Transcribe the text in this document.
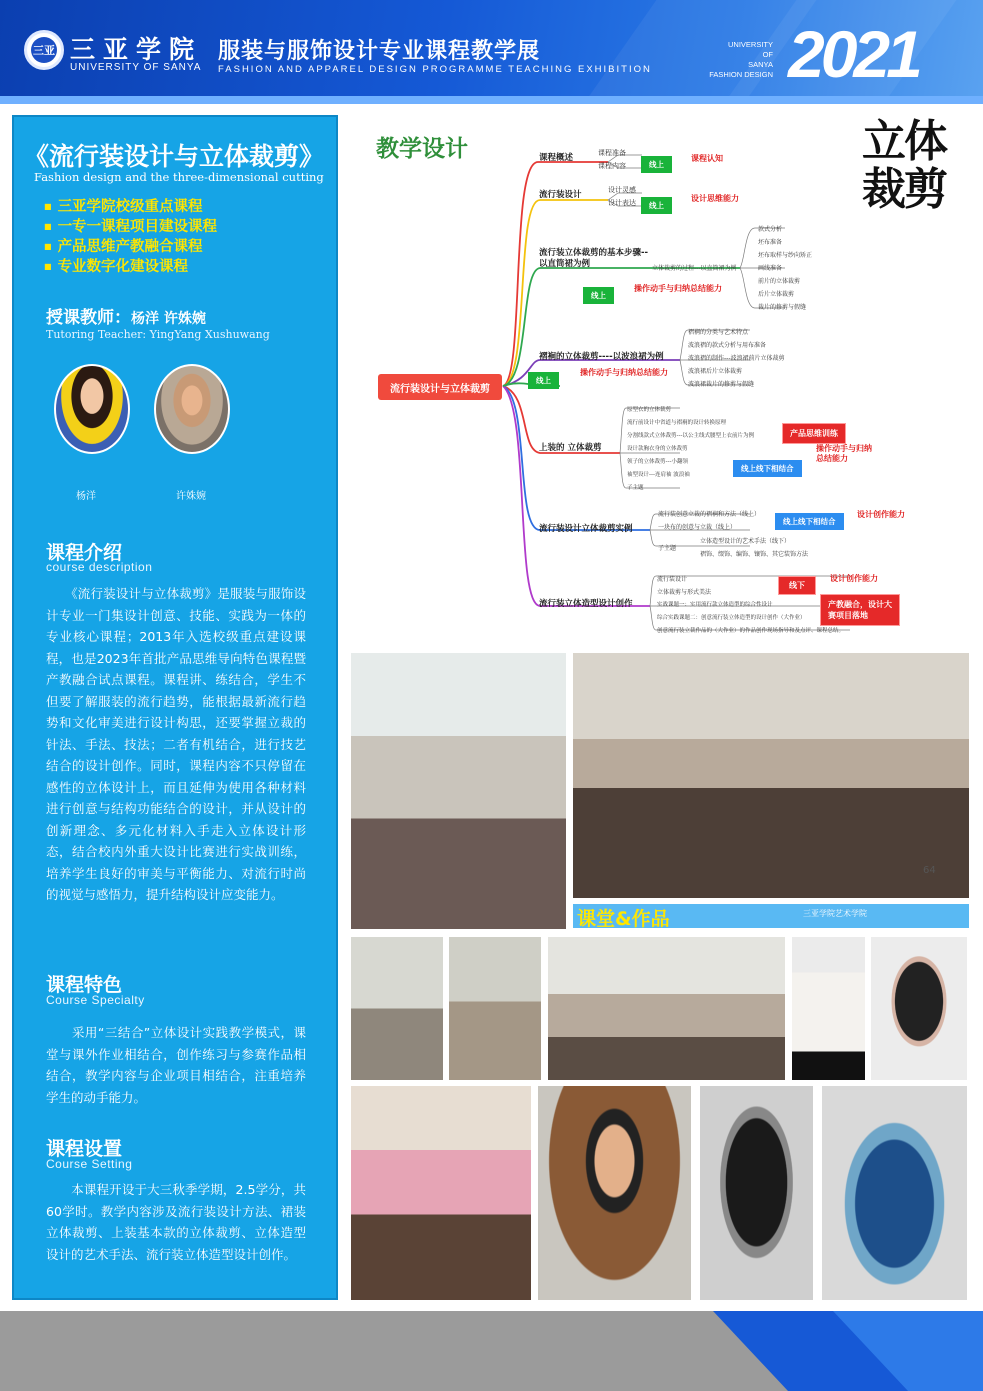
三亚 三亚学院
UNIVERSITY OF SANYA
服装与服饰设计专业课程教学展
FASHION AND APPAREL DESIGN PROGRAMME TEACHING EXHIBITION
UNIVERSITY
OF
SANYA
FASHION DESIGN 2021
《流行装设计与立体裁剪》
Fashion design and the three-dimensional cutting
■ 三亚学院校级重点课程
■ 一专一课程项目建设课程
■ 产品思维产教融合课程
■ 专业数字化建设课程
授课教师：杨洋 许姝婉
Tutoring Teacher: YingYang Xushuwang
杨洋	许姝婉
课程介绍
course description
　　《流行装设计与立体裁剪》是服装与服饰设计专业一门集设计创意、技能、实践为一体的专业核心课程；2013年入选校级重点建设课程，也是2023年首批产品思维导向特色课程暨产教融合试点课程。课程讲、练结合，学生不但要了解服装的流行趋势，能根据最新流行趋势和文化审美进行设计构思，还要掌握立裁的针法、手法、技法；二者有机结合，进行技艺结合的设计创作。同时，课程内容不只停留在感性的立体设计上，而且延伸为使用各种材料进行创意与结构功能结合的设计，并从设计的创新理念、多元化材料入手走入立体设计形态，结合校内外重大设计比赛进行实战训练，培养学生良好的审美与平衡能力、对流行时尚的视觉与感悟力，提升结构设计应变能力。
课程特色
Course Specialty
　　采用“三结合”立体设计实践教学模式，课堂与课外作业相结合，创作练习与参赛作品相结合，教学内容与企业项目相结合，注重培养学生的动手能力。
课程设置
Course Setting
　　本课程开设于大三秋季学期，2.5学分，共60学时。教学内容涉及流行装设计方法、裙装立体裁剪、上装基本款的立体裁剪、立体造型设计的艺术手法、流行装立体造型设计创作。
教学设计	立体裁剪
流行装设计与立体裁剪
课程概述	课程准备
课程内容	线上
课程认知
流行装设计	设计灵感
设计表达	线上
设计思维能力
流行装立体裁剪的基本步骤--以直筒裙为例	立体裁剪的过程---以直筒裙为例
款式分析
坯布准备
坯布取样与纱向矫正
画线准备
前片的立体裁剪
后片立体裁剪
裁片的修剪与假缝
线上
操作动手与归纳总结能力
褶裥的立体裁剪----以波浪裙为例
褶裥的分类与艺术特点
波浪褶的款式分析与用布准备
波浪褶的制作---波浪裙前片立体裁剪
波浪裙后片立体裁剪
波浪裙裁片的修剪与假缝
线上
操作动手与归纳总结能力
上装的 立体裁剪
原型衣的立体裁剪
流行前设计中省道与褶裥的设计转换原理
分割线款式立体裁剪---以公主线式腰型上衣前片为例
设计款胸衣身的立体裁剪
领子的立体裁剪---小翻领
袖型设计---连肩袖 波浪袖
子主题
产品思维训练
操作动手与归纳总结能力
线上线下相结合
流行装设计立体裁剪实例
流行装创意立裁的褶裥和方法（线上）
一块布的创意与立裁（线上）
子主题
立体造型设计的艺术手法（线下）
褶饰、缀饰、编饰、镶饰、其它装饰方法
线上线下相结合
设计创作能力
流行装立体造型设计创作
流行装设计
立体裁剪与形式美法
实战课题一：实用流行款立体造型的综合性设计
综合实践课题二：创意流行装立体造型的设计创作（大作业）
创意流行装立裁作品的（大作业）的作品创作现场指导和及点评、课程总结。
线下
设计创作能力
产教融合，设计大赛项目落地
64
课堂&作品	三亚学院艺术学院
